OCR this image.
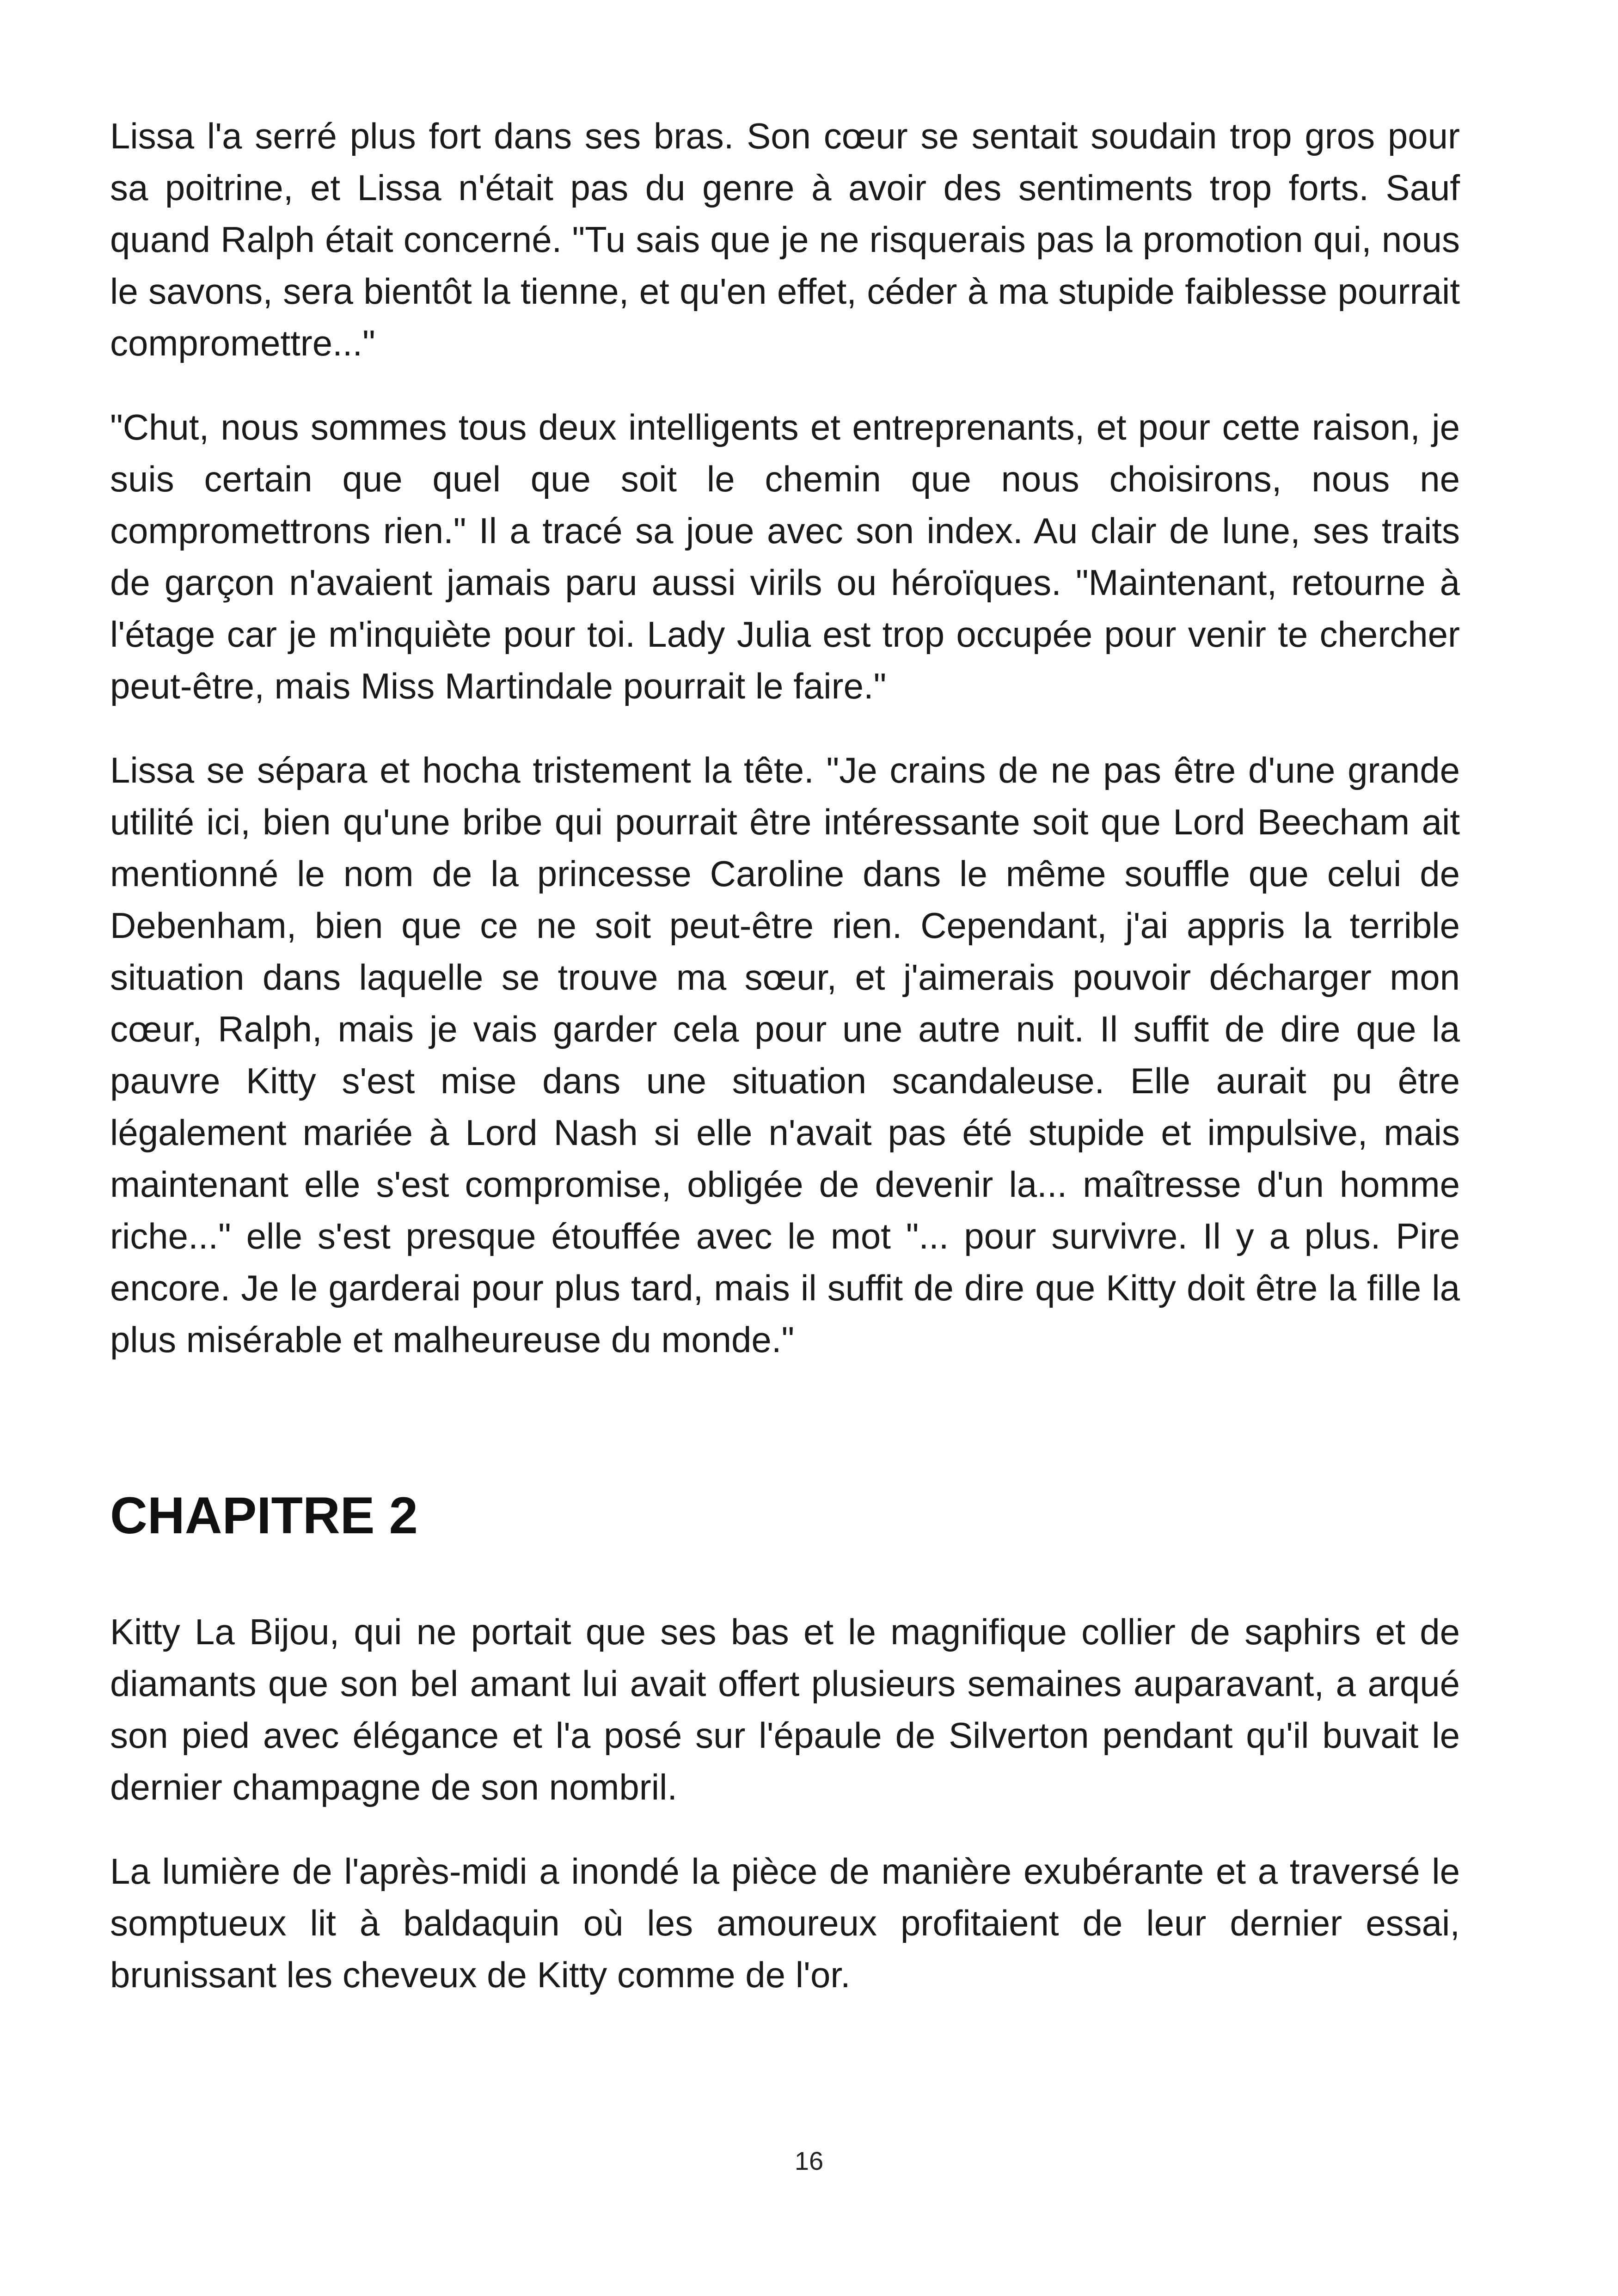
Lissa l'a serré plus fort dans ses bras. Son cœur se sentait soudain trop gros pour sa poitrine, et Lissa n'était pas du genre à avoir des sentiments trop forts. Sauf quand Ralph était concerné. "Tu sais que je ne risquerais pas la promotion qui, nous le savons, sera bientôt la tienne, et qu'en effet, céder à ma stupide faiblesse pourrait compromettre..."

"Chut, nous sommes tous deux intelligents et entreprenants, et pour cette raison, je suis certain que quel que soit le chemin que nous choisirons, nous ne compromettrons rien." Il a tracé sa joue avec son index. Au clair de lune, ses traits de garçon n'avaient jamais paru aussi virils ou héroïques. "Maintenant, retourne à l'étage car je m'inquiète pour toi. Lady Julia est trop occupée pour venir te chercher peut-être, mais Miss Martindale pourrait le faire."

Lissa se sépara et hocha tristement la tête. "Je crains de ne pas être d'une grande utilité ici, bien qu'une bribe qui pourrait être intéressante soit que Lord Beecham ait mentionné le nom de la princesse Caroline dans le même souffle que celui de Debenham, bien que ce ne soit peut-être rien. Cependant, j'ai appris la terrible situation dans laquelle se trouve ma sœur, et j'aimerais pouvoir décharger mon cœur, Ralph, mais je vais garder cela pour une autre nuit. Il suffit de dire que la pauvre Kitty s'est mise dans une situation scandaleuse. Elle aurait pu être légalement mariée à Lord Nash si elle n'avait pas été stupide et impulsive, mais maintenant elle s'est compromise, obligée de devenir la... maîtresse d'un homme riche..." elle s'est presque étouffée avec le mot "... pour survivre. Il y a plus. Pire encore. Je le garderai pour plus tard, mais il suffit de dire que Kitty doit être la fille la plus misérable et malheureuse du monde."

CHAPITRE 2

Kitty La Bijou, qui ne portait que ses bas et le magnifique collier de saphirs et de diamants que son bel amant lui avait offert plusieurs semaines auparavant, a arqué son pied avec élégance et l'a posé sur l'épaule de Silverton pendant qu'il buvait le dernier champagne de son nombril.

La lumière de l'après-midi a inondé la pièce de manière exubérante et a traversé le somptueux lit à baldaquin où les amoureux profitaient de leur dernier essai, brunissant les cheveux de Kitty comme de l'or.

16
